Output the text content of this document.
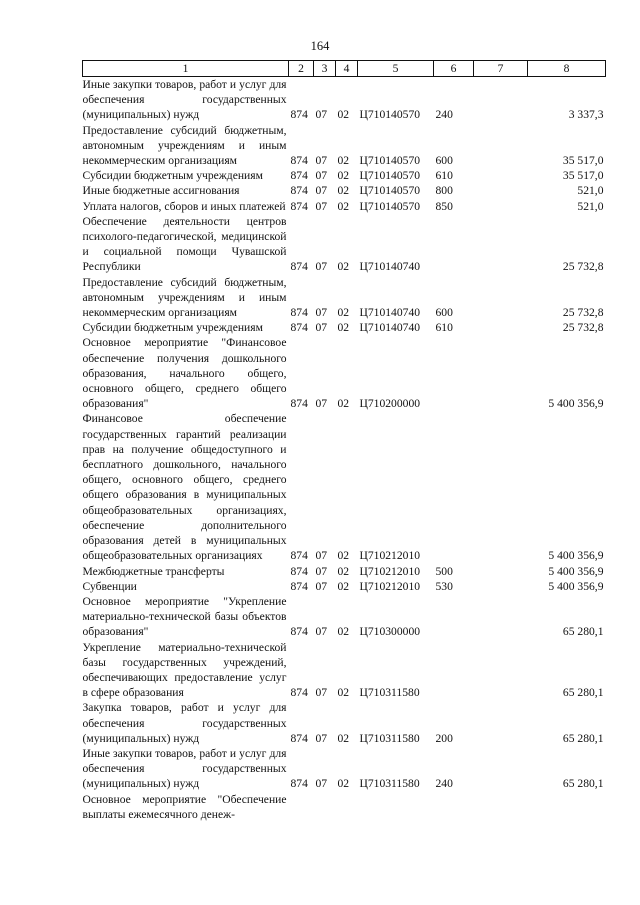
164
1	2	3	4	5	6	7	8
Иные закупки товаров, работ и услуг для обеспечения государственных (муниципальных) нужд	874	07	02	Ц710140570	240		3 337,3
Предоставление субсидий бюджетным, автономным учреждениям и иным некоммерческим организациям	874	07	02	Ц710140570	600		35 517,0
Субсидии бюджетным учреждениям	874	07	02	Ц710140570	610		35 517,0
Иные бюджетные ассигнования	874	07	02	Ц710140570	800		521,0
Уплата налогов, сборов и иных платежей	874	07	02	Ц710140570	850		521,0
Обеспечение деятельности центров психолого-педагогической, медицинской и социальной помощи Чувашской Республики	874	07	02	Ц710140740			25 732,8
Предоставление субсидий бюджетным, автономным учреждениям и иным некоммерческим организациям	874	07	02	Ц710140740	600		25 732,8
Субсидии бюджетным учреждениям	874	07	02	Ц710140740	610		25 732,8
Основное мероприятие "Финансовое обеспечение получения дошкольного образования, начального общего, основного общего, среднего общего образования"	874	07	02	Ц710200000			5 400 356,9
Финансовое обеспечение государственных гарантий реализации прав на получение общедоступного и бесплатного дошкольного, начального общего, основного общего, среднего общего образования в муниципальных общеобразовательных организациях, обеспечение дополнительного образования детей в муниципальных общеобразовательных организациях	874	07	02	Ц710212010			5 400 356,9
Межбюджетные трансферты	874	07	02	Ц710212010	500		5 400 356,9
Субвенции	874	07	02	Ц710212010	530		5 400 356,9
Основное мероприятие "Укрепление материально-технической базы объектов образования"	874	07	02	Ц710300000			65 280,1
Укрепление материально-технической базы государственных учреждений, обеспечивающих предоставление услуг в сфере образования	874	07	02	Ц710311580			65 280,1
Закупка товаров, работ и услуг для обеспечения государственных (муниципальных) нужд	874	07	02	Ц710311580	200		65 280,1
Иные закупки товаров, работ и услуг для обеспечения государственных (муниципальных) нужд	874	07	02	Ц710311580	240		65 280,1
Основное мероприятие "Обеспечение выплаты ежемесячного денеж-							
